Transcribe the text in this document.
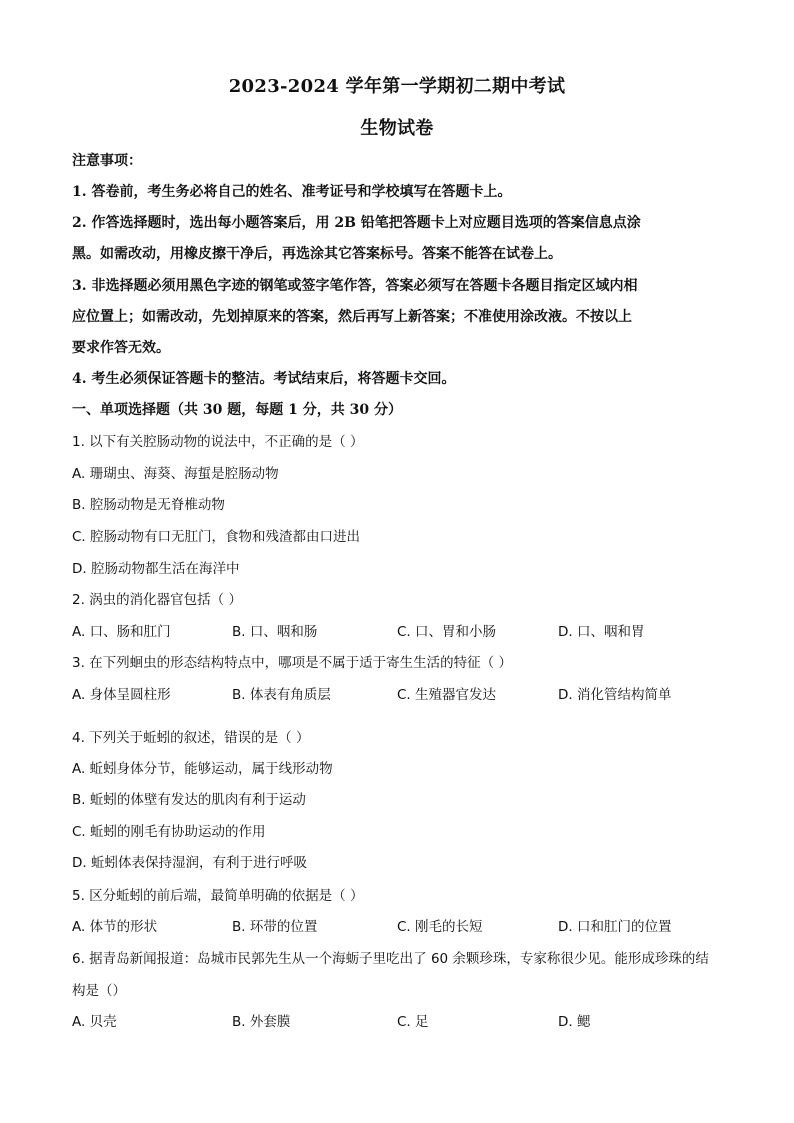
2023-2024 学年第一学期初二期中考试
生物试卷
注意事项：
1. 答卷前，考生务必将自己的姓名、准考证号和学校填写在答题卡上。
2. 作答选择题时，选出每小题答案后，用 2B 铅笔把答题卡上对应题目选项的答案信息点涂
黑。如需改动，用橡皮擦干净后，再选涂其它答案标号。答案不能答在试卷上。
3. 非选择题必须用黑色字迹的钢笔或签字笔作答，答案必须写在答题卡各题目指定区域内相
应位置上；如需改动，先划掉原来的答案，然后再写上新答案；不准使用涂改液。不按以上
要求作答无效。
4. 考生必须保证答题卡的整洁。考试结束后，将答题卡交回。
一、单项选择题（共 30 题，每题 1 分，共 30 分）
1. 以下有关腔肠动物的说法中，不正确的是（ ）
A. 珊瑚虫、海葵、海蜇是腔肠动物
B. 腔肠动物是无脊椎动物
C. 腔肠动物有口无肛门，食物和残渣都由口进出
D. 腔肠动物都生活在海洋中
2. 涡虫的消化器官包括（ ）
A. 口、肠和肛门	B. 口、咽和肠	C. 口、胃和小肠	D. 口、咽和胃
3. 在下列蛔虫的形态结构特点中，哪项是不属于适于寄生生活的特征（ ）
A. 身体呈圆柱形	B. 体表有角质层	C. 生殖器官发达	D. 消化管结构简单
4. 下列关于蚯蚓的叙述，错误的是（ ）
A. 蚯蚓身体分节，能够运动，属于线形动物
B. 蚯蚓的体壁有发达的肌肉有利于运动
C. 蚯蚓的刚毛有协助运动的作用
D. 蚯蚓体表保持湿润，有利于进行呼吸
5. 区分蚯蚓的前后端，最简单明确的依据是（ ）
A. 体节的形状	B. 环带的位置	C. 刚毛的长短	D. 口和肛门的位置
6. 据青岛新闻报道：岛城市民郭先生从一个海蛎子里吃出了 60 余颗珍珠，专家称很少见。能形成珍珠的结
构是（）
A. 贝壳	B. 外套膜	C. 足	D. 鳃
